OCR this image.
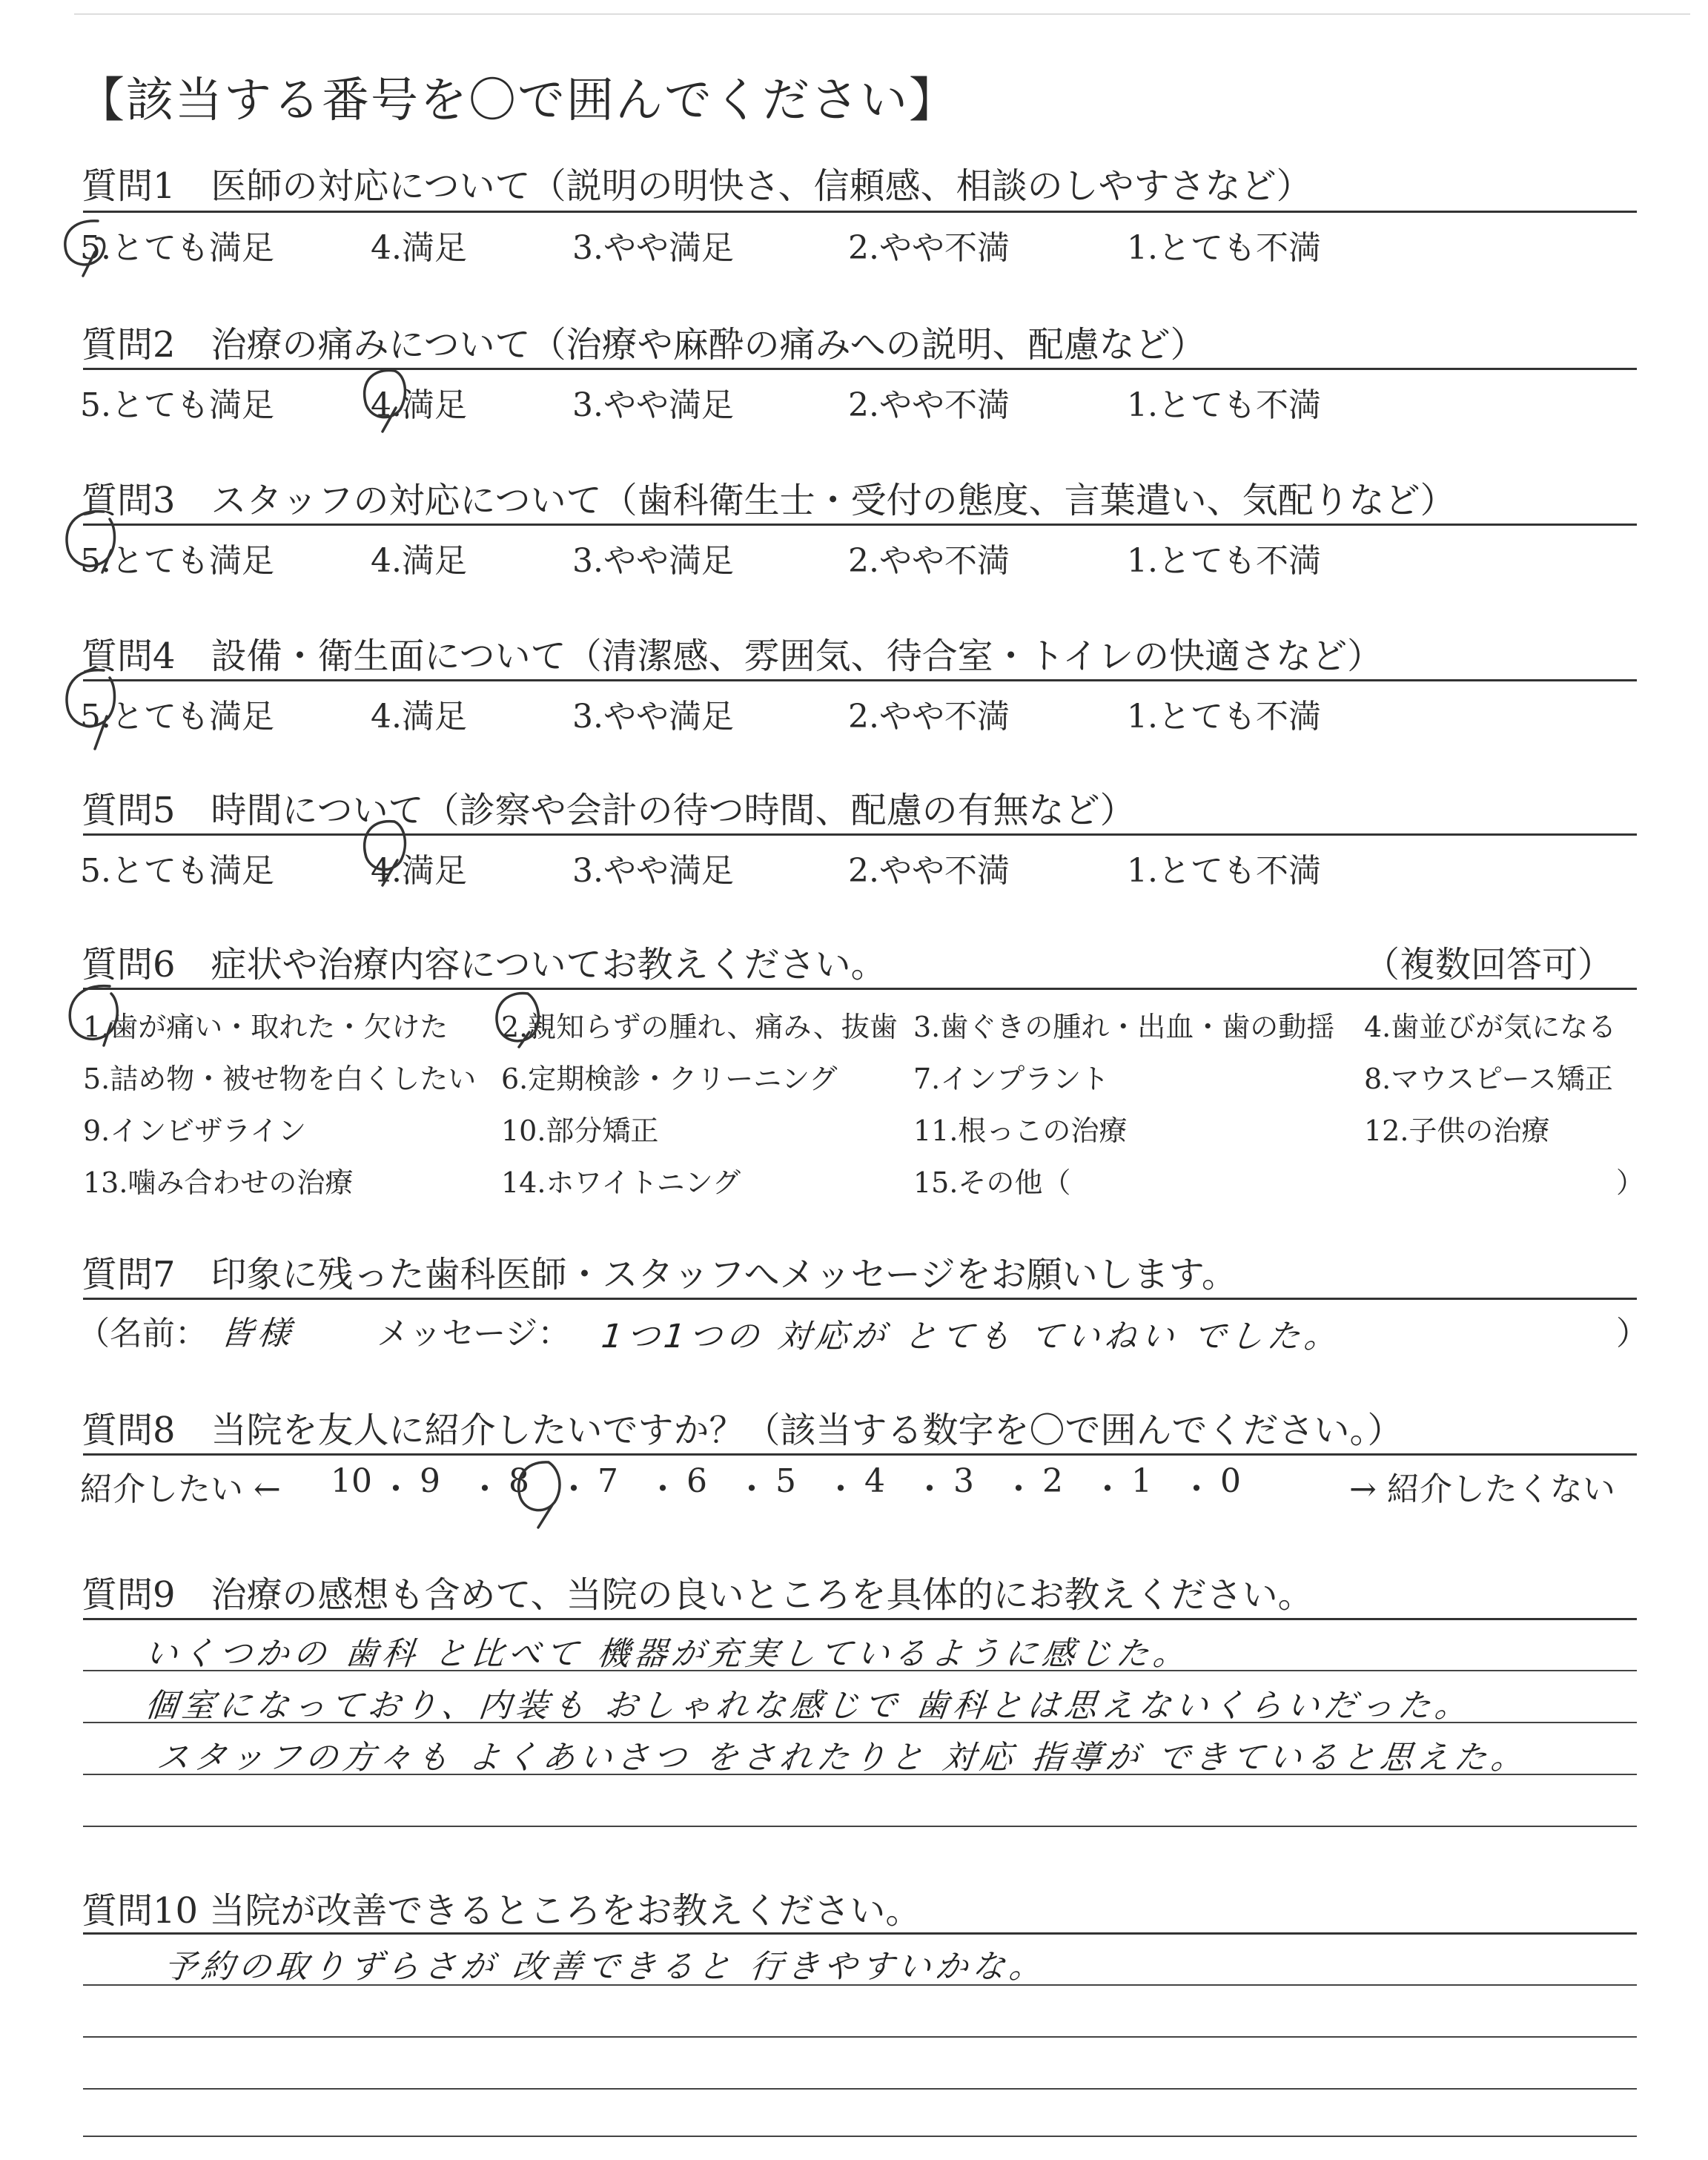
【該当する番号を〇で囲んでください】
質問1　医師の対応について（説明の明快さ、信頼感、相談のしやすさなど）
5.とても満足	4.満足	3.やや満足	2.やや不満	1.とても不満
質問2　治療の痛みについて（治療や麻酔の痛みへの説明、配慮など）
5.とても満足	4.満足	3.やや満足	2.やや不満	1.とても不満
質問3　スタッフの対応について（歯科衛生士・受付の態度、言葉遣い、気配りなど）
5.とても満足	4.満足	3.やや満足	2.やや不満	1.とても不満
質問4　設備・衛生面について（清潔感、雰囲気、待合室・トイレの快適さなど）
5.とても満足	4.満足	3.やや満足	2.やや不満	1.とても不満
質問5　時間について（診察や会計の待つ時間、配慮の有無など）
5.とても満足	4.満足	3.やや満足	2.やや不満	1.とても不満
質問6　症状や治療内容についてお教えください。	（複数回答可）
1.歯が痛い・取れた・欠けた 2.親知らずの腫れ、痛み、抜歯 3.歯ぐきの腫れ・出血・歯の動揺 4.歯並びが気になる
5.詰め物・被せ物を白くしたい 6.定期検診・クリーニング	7.インプラント	8.マウスピース矯正
9.インビザライン	10.部分矯正	11.根っこの治療	12.子供の治療
13.噛み合わせの治療	14.ホワイトニング	15.その他（	）
質問7　印象に残った歯科医師・スタッフへメッセージをお願いします。
（名前： 皆様 メッセージ： 1つ1つの 対応が とても ていねい でした。	）
質問8　当院を友人に紹介したいですか？（該当する数字を〇で囲んでください。）
紹介したい ←	→ 紹介したくない
10 ・ 9 ・ 8 ・ 7 ・ 6 ・ 5 ・ 4 ・ 3 ・ 2 ・ 1 ・ 0
質問9　治療の感想も含めて、当院の良いところを具体的にお教えください。
いくつかの 歯科 と比べて 機器が充実しているように感じた。
個室になっており、内装も おしゃれな感じで 歯科とは思えないくらいだった。
スタッフの方々も よくあいさつ をされたりと 対応 指導が できていると思えた。
質問10 当院が改善できるところをお教えください。
予約の取りずらさが 改善できると 行きやすいかな。
